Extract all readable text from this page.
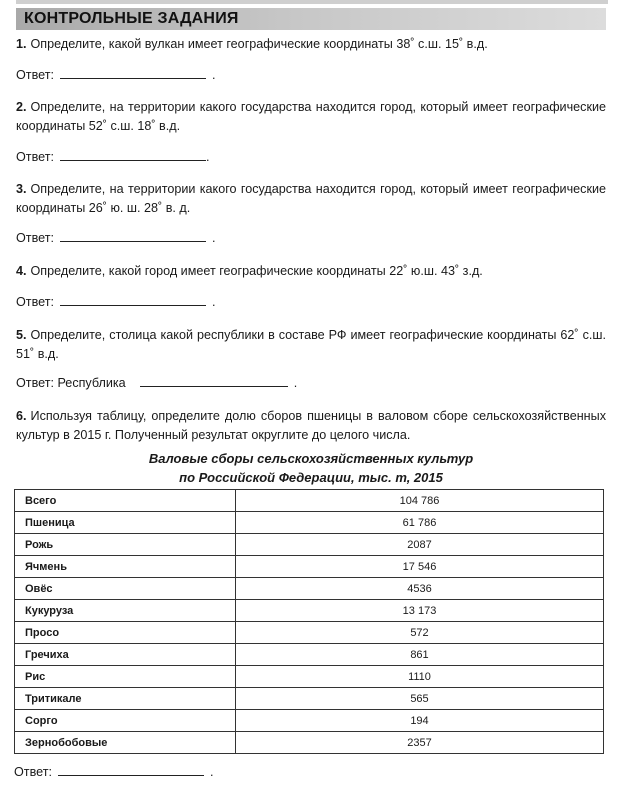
КОНТРОЛЬНЫЕ ЗАДАНИЯ
1. Определите, какой вулкан имеет географические координаты 38˚ с.ш. 15˚ в.д.
Ответ:	.
2. Определите, на территории какого государства находится город, который имеет географические координаты 52˚ с.ш. 18˚ в.д.
Ответ:	.
3. Определите, на территории какого государства находится город, который имеет географические координаты 26˚ ю. ш. 28˚ в. д.
Ответ:	.
4. Определите, какой город имеет географические координаты 22˚ ю.ш. 43˚ з.д.
Ответ:	.
5. Определите, столица какой республики в составе РФ имеет географические координаты 62˚ с.ш. 51˚ в.д.
Ответ: Республика	.
6. Используя таблицу, определите долю сборов пшеницы в валовом сборе сельскохозяйственных культур в 2015 г. Полученный результат округлите до целого числа.
Валовые сборы сельскохозяйственных культур
по Российской Федерации, тыс. т, 2015
Всего	104 786
Пшеница	61 786
Рожь	2087
Ячмень	17 546
Овёс	4536
Кукуруза	13 173
Просо	572
Гречиха	861
Рис	1110
Тритикале	565
Сорго	194
Зернобобовые	2357
Ответ:	.
